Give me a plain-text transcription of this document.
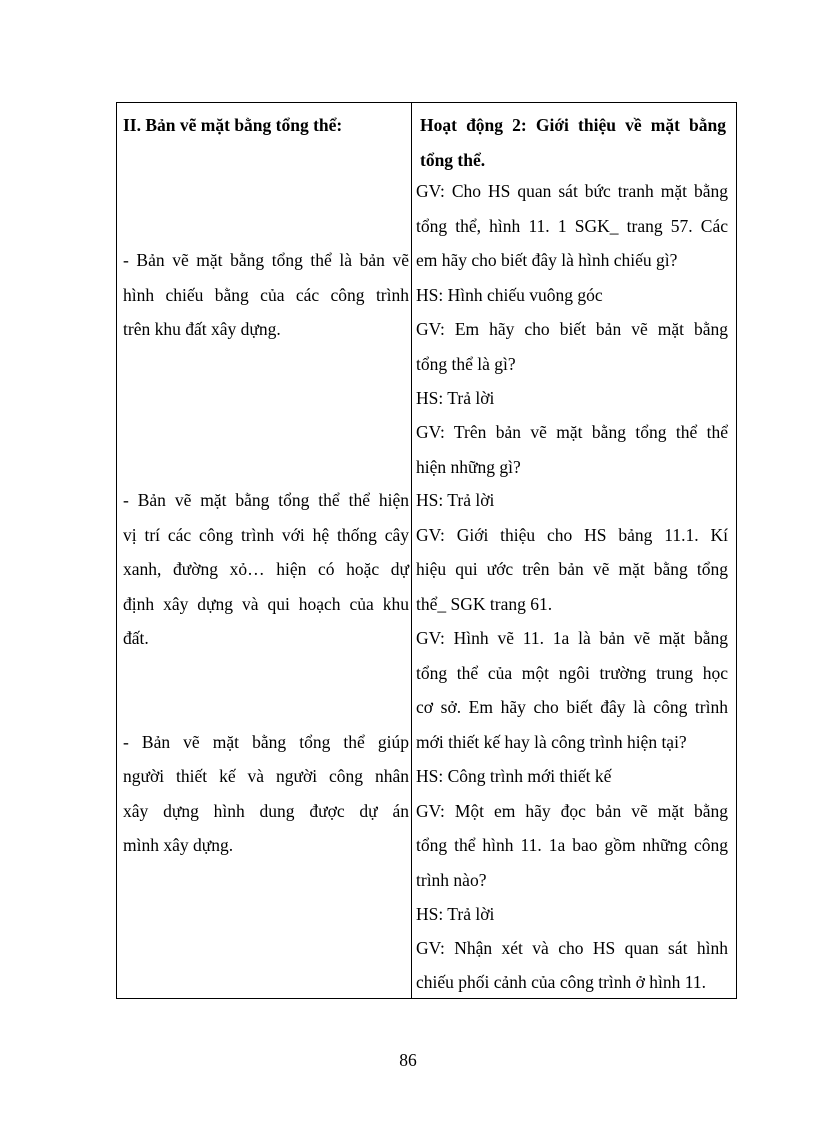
II. Bản vẽ mặt bằng tổng thể:
- Bản vẽ mặt bằng tổng thể là bản vẽ
hình chiếu bằng của các công trình
trên khu đất xây dựng.
- Bản vẽ mặt bằng tổng thể thể hiện
vị trí các công trình với hệ thống cây
xanh, đường xỏ… hiện có hoặc dự
định xây dựng và qui hoạch của khu
đất.
- Bản vẽ mặt bằng tổng thể giúp
người thiết kế và người công nhân
xây dựng hình dung được dự án
mình xây dựng.
Hoạt động 2: Giới thiệu về mặt bằng
tổng thể.
GV: Cho HS quan sát bức tranh mặt bằng
tổng thể, hình 11. 1 SGK_ trang 57. Các
em hãy cho biết đây là hình chiếu gì?
HS: Hình chiếu vuông góc
GV: Em hãy cho biết bản vẽ mặt bằng
tổng thể là gì?
HS: Trả lời
GV: Trên bản vẽ mặt bằng tổng thể thể
hiện những gì?
HS: Trả lời
GV: Giới thiệu cho HS bảng 11.1. Kí
hiệu qui ước trên bản vẽ mặt bằng tổng
thể_ SGK trang 61.
GV: Hình vẽ 11. 1a là bản vẽ mặt bằng
tổng thể của một ngôi trường trung học
cơ sở. Em hãy cho biết đây là công trình
mới thiết kế hay là công trình hiện tại?
HS: Công trình mới thiết kế
GV: Một em hãy đọc bản vẽ mặt bằng
tổng thể hình 11. 1a bao gồm những công
trình nào?
HS: Trả lời
GV: Nhận xét và cho HS quan sát hình
chiếu phối cảnh của công trình ở hình 11.
86
